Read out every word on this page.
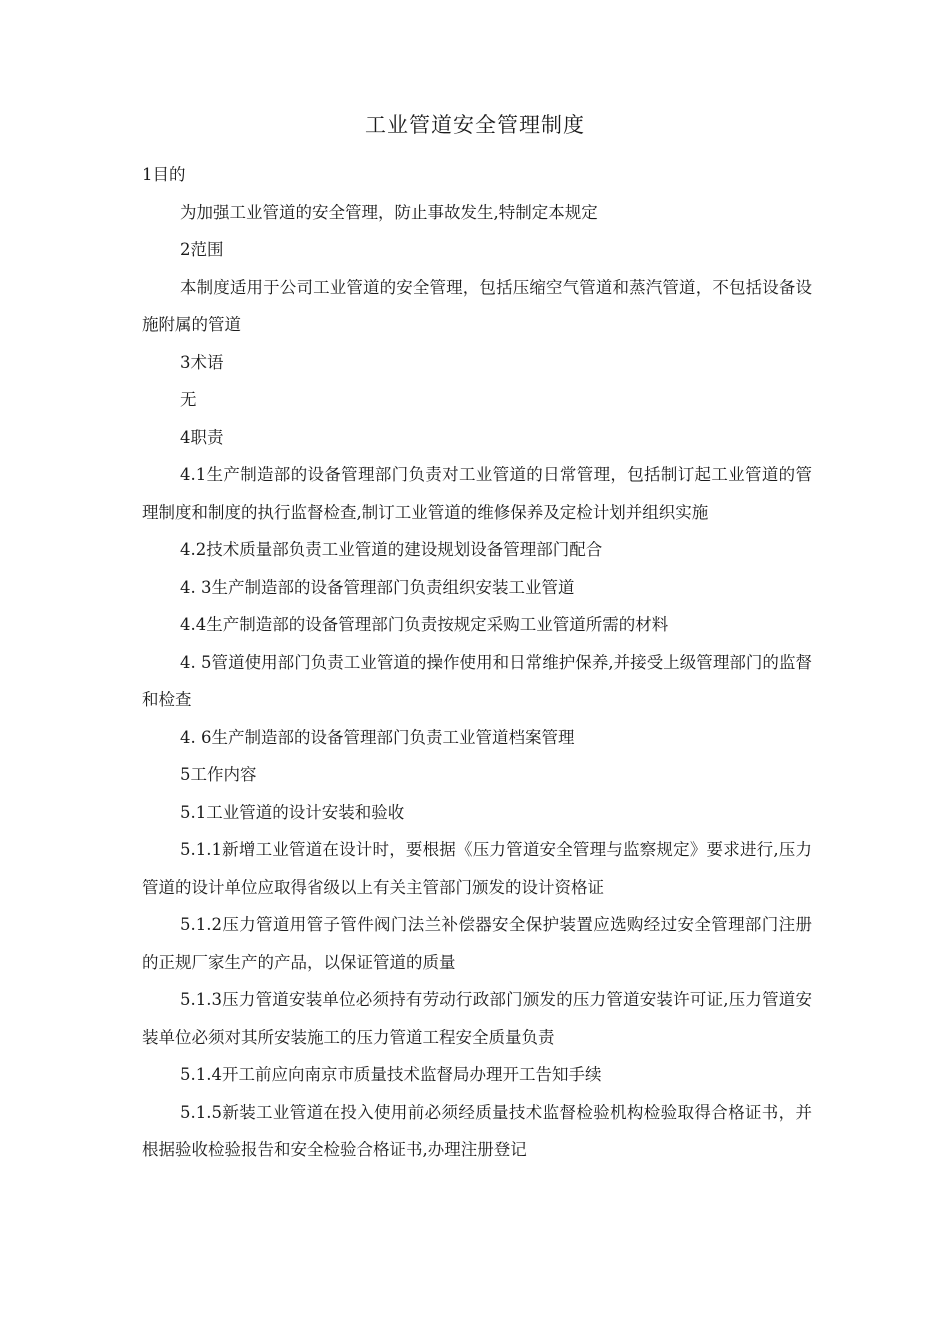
工业管道安全管理制度

1目的

为加强工业管道的安全管理，防止事故发生,特制定本规定

2范围

本制度适用于公司工业管道的安全管理，包括压缩空气管道和蒸汽管道，不包括设备设施附属的管道

3术语

无

4职责

4.1生产制造部的设备管理部门负责对工业管道的日常管理，包括制订起工业管道的管理制度和制度的执行监督检查,制订工业管道的维修保养及定检计划并组织实施

4.2技术质量部负责工业管道的建设规划设备管理部门配合

4. 3生产制造部的设备管理部门负责组织安装工业管道

4.4生产制造部的设备管理部门负责按规定采购工业管道所需的材料

4. 5管道使用部门负责工业管道的操作使用和日常维护保养,并接受上级管理部门的监督和检查

4. 6生产制造部的设备管理部门负责工业管道档案管理

5工作内容

5.1工业管道的设计安装和验收

5.1.1新增工业管道在设计时，要根据《压力管道安全管理与监察规定》要求进行,压力管道的设计单位应取得省级以上有关主管部门颁发的设计资格证

5.1.2压力管道用管子管件阀门法兰补偿器安全保护装置应选购经过安全管理部门注册的正规厂家生产的产品，以保证管道的质量

5.1.3压力管道安装单位必须持有劳动行政部门颁发的压力管道安装许可证,压力管道安装单位必须对其所安装施工的压力管道工程安全质量负责

5.1.4开工前应向南京市质量技术监督局办理开工告知手续

5.1.5新装工业管道在投入使用前必须经质量技术监督检验机构检验取得合格证书，并根据验收检验报告和安全检验合格证书,办理注册登记
